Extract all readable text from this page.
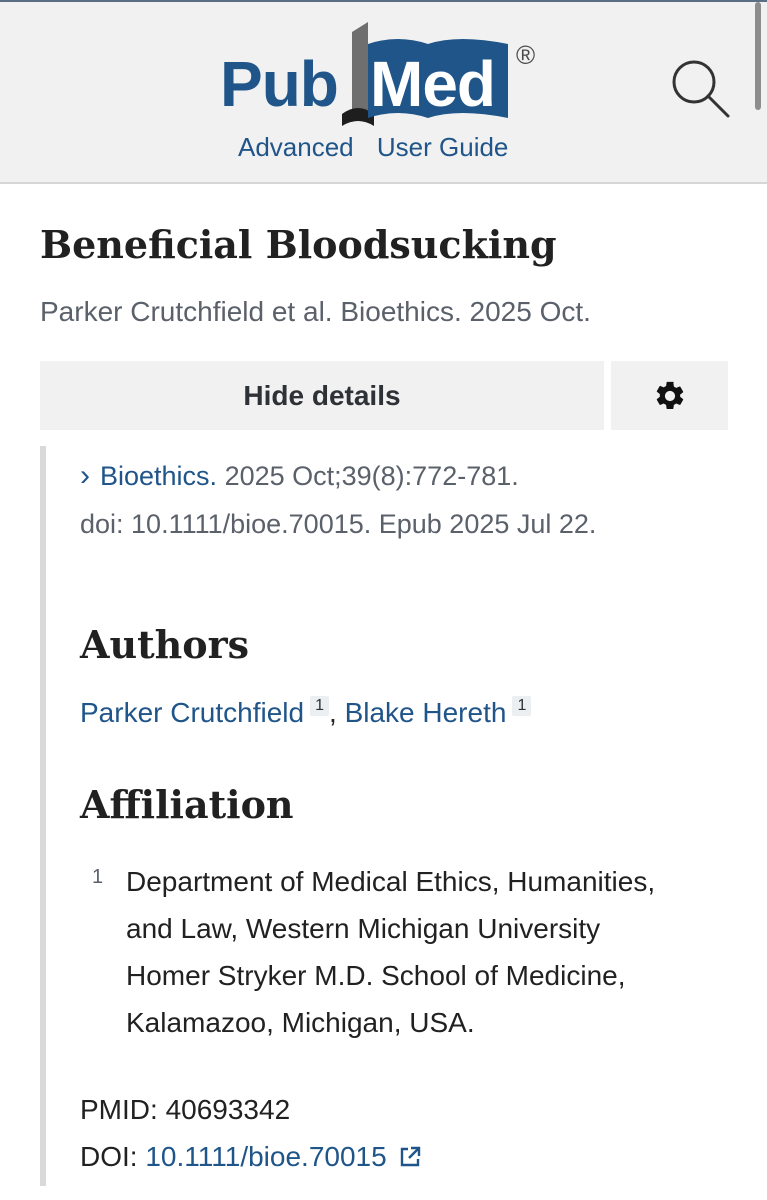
Pub Med ®
Advanced User Guide
Beneficial Bloodsucking
Parker Crutchfield et al. Bioethics. 2025 Oct.
Hide details
› Bioethics. 2025 Oct;39(8):772-781.
doi: 10.1111/bioe.70015. Epub 2025 Jul 22.
Authors
Parker Crutchfield 1 , Blake Hereth 1
Affiliation
1 Department of Medical Ethics, Humanities,
and Law, Western Michigan University
Homer Stryker M.D. School of Medicine,
Kalamazoo, Michigan, USA.
PMID: 40693342
DOI: 10.1111/bioe.70015
